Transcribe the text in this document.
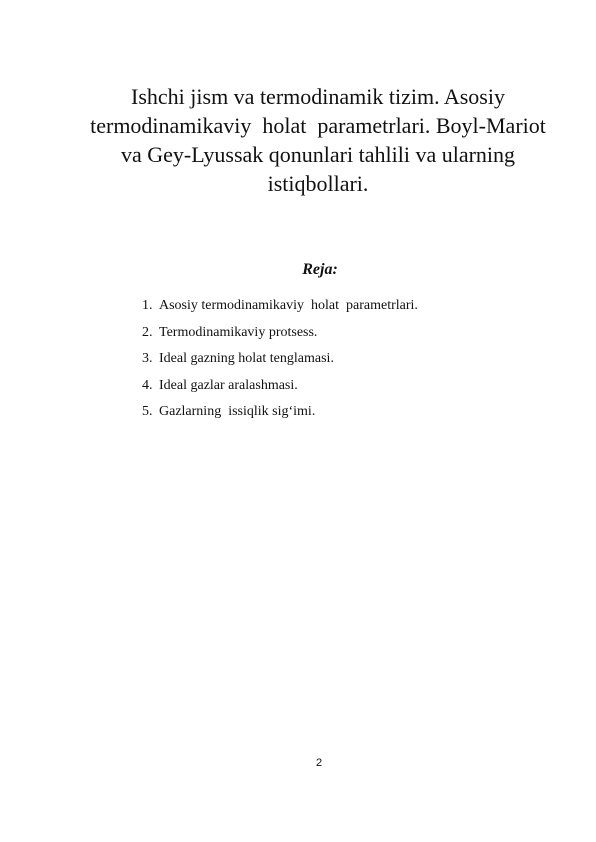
Ishchi jism va termodinamik tizim. Asosiy
termodinamikaviy  holat  parametrlari. Boyl-Mariot
va Gey-Lyussak qonunlari tahlili va ularning
istiqbollari.
Reja:
1. Asosiy termodinamikaviy  holat  parametrlari.
2. Termodinamikaviy protsess.
3. Ideal gazning holat tenglamasi.
4. Ideal gazlar aralashmasi.
5. Gazlarning  issiqlik sig‘imi.
2
